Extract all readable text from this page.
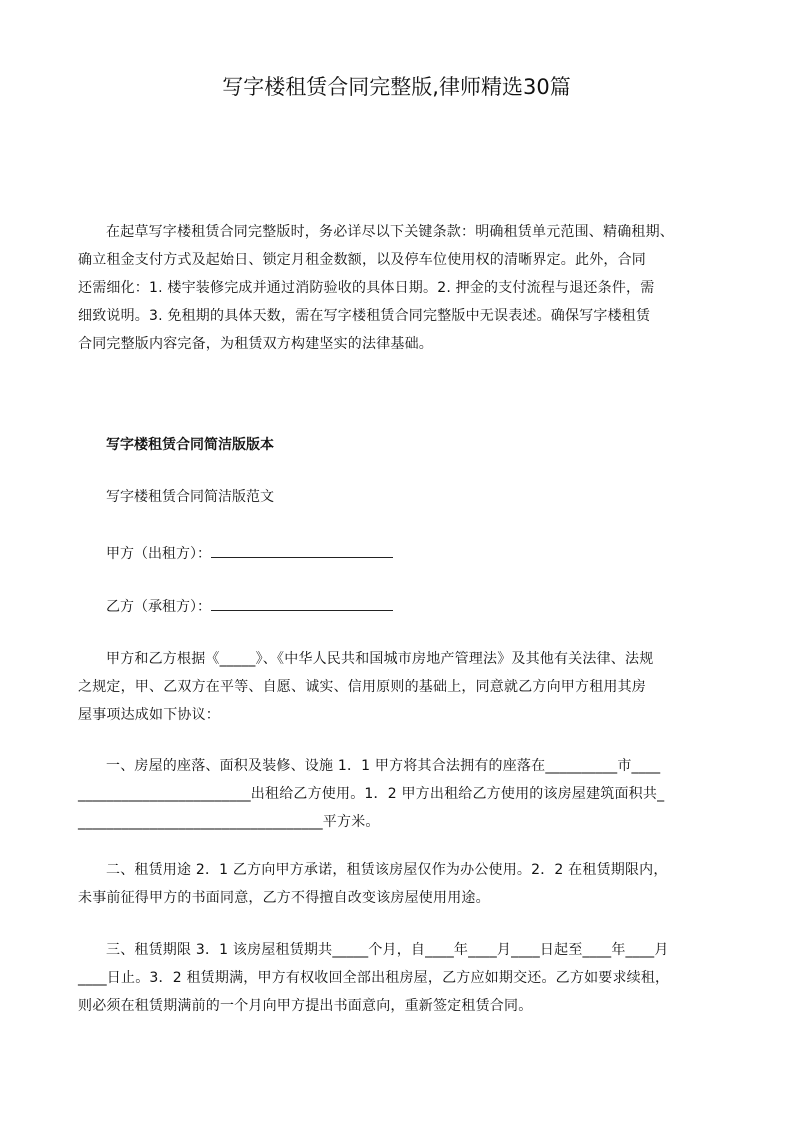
写字楼租赁合同完整版,律师精选30篇
在起草写字楼租赁合同完整版时，务必详尽以下关键条款：明确租赁单元范围、精确租期、
确立租金支付方式及起始日、锁定月租金数额，以及停车位使用权的清晰界定。此外，合同
还需细化：1. 楼宇装修完成并通过消防验收的具体日期。2. 押金的支付流程与退还条件，需
细致说明。3. 免租期的具体天数，需在写字楼租赁合同完整版中无误表述。确保写字楼租赁
合同完整版内容完备，为租赁双方构建坚实的法律基础。
写字楼租赁合同简洁版版本
写字楼租赁合同简洁版范文
甲方（出租方）：
乙方（承租方）：
甲方和乙方根据《_____》、《中华人民共和国城市房地产管理法》及其他有关法律、法规
之规定，甲、乙双方在平等、自愿、诚实、信用原则的基础上，同意就乙方向甲方租用其房
屋事项达成如下协议：
一、房屋的座落、面积及装修、设施 1．1 甲方将其合法拥有的座落在__________市____
________________________出租给乙方使用。1．2 甲方出租给乙方使用的该房屋建筑面积共_
__________________________________平方米。
二、租赁用途 2．1 乙方向甲方承诺，租赁该房屋仅作为办公使用。2．2 在租赁期限内，
未事前征得甲方的书面同意，乙方不得擅自改变该房屋使用用途。
三、租赁期限 3．1 该房屋租赁期共_____个月，自____年____月____日起至____年____月
____日止。3．2 租赁期满，甲方有权收回全部出租房屋，乙方应如期交还。乙方如要求续租，
则必须在租赁期满前的一个月向甲方提出书面意向，重新签定租赁合同。
